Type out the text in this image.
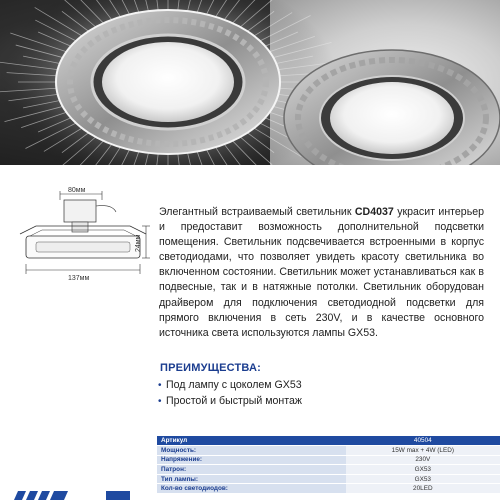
80мм
24мм
137мм

Элегантный встраиваемый светильник CD4037 украсит интерьер и предоставит возможность дополнительной подсветки помещения. Светильник подсвечивается встроенными в корпус светодиодами, что позволяет увидеть красоту светильника во включенном состоянии. Светильник может устанавливаться как в подвесные, так и в натяжные потолки. Светильник оборудован драйвером для подключения светодиодной подсветки для прямого включения в сеть 230V, и в качестве основного источника света используются лампы GX53.

ПРЕИМУЩЕСТВА:
• Под лампу с цоколем GX53
• Простой и быстрый монтаж
Артикул	40504
Мощность:	15W max + 4W (LED)
Напряжение:	230V
Патрон:	GX53
Тип лампы:	GX53
Кол-во светодиодов:	20LED
